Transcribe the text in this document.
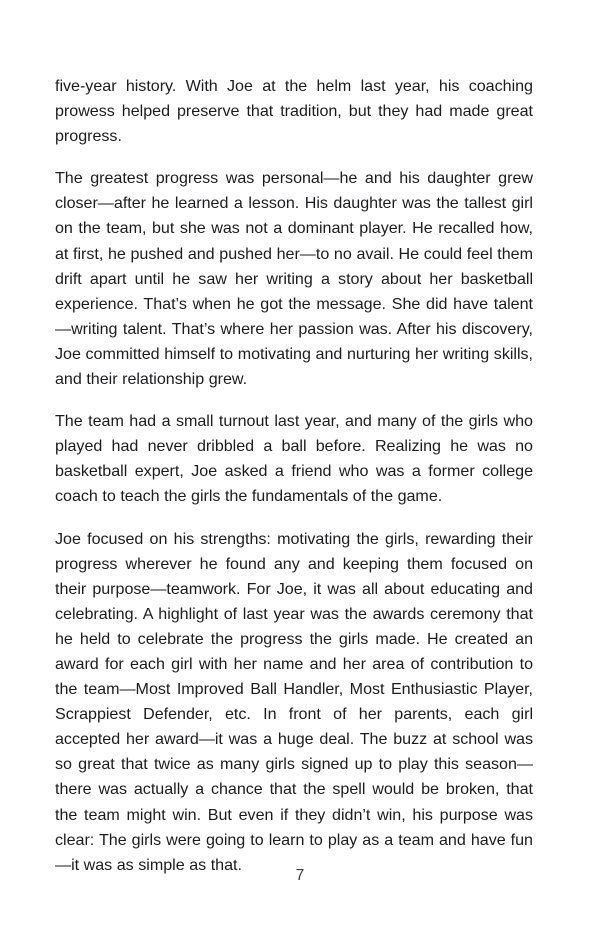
five-year history. With Joe at the helm last year, his coaching prowess helped preserve that tradition, but they had made great progress.

The greatest progress was personal—he and his daughter grew closer—after he learned a lesson. His daughter was the tallest girl on the team, but she was not a dominant player. He recalled how, at first, he pushed and pushed her—to no avail. He could feel them drift apart until he saw her writing a story about her basketball experience. That’s when he got the message. She did have talent—writing talent. That’s where her passion was. After his discovery, Joe committed himself to motivating and nurturing her writing skills, and their relationship grew.

The team had a small turnout last year, and many of the girls who played had never dribbled a ball before. Realizing he was no basketball expert, Joe asked a friend who was a former college coach to teach the girls the fundamentals of the game.

Joe focused on his strengths: motivating the girls, rewarding their progress wherever he found any and keeping them focused on their purpose—teamwork. For Joe, it was all about educating and celebrating. A highlight of last year was the awards ceremony that he held to celebrate the progress the girls made. He created an award for each girl with her name and her area of contribution to the team—Most Improved Ball Handler, Most Enthusiastic Player, Scrappiest Defender, etc. In front of her parents, each girl accepted her award—it was a huge deal. The buzz at school was so great that twice as many girls signed up to play this season—there was actually a chance that the spell would be broken, that the team might win. But even if they didn’t win, his purpose was clear: The girls were going to learn to play as a team and have fun—it was as simple as that.

7
